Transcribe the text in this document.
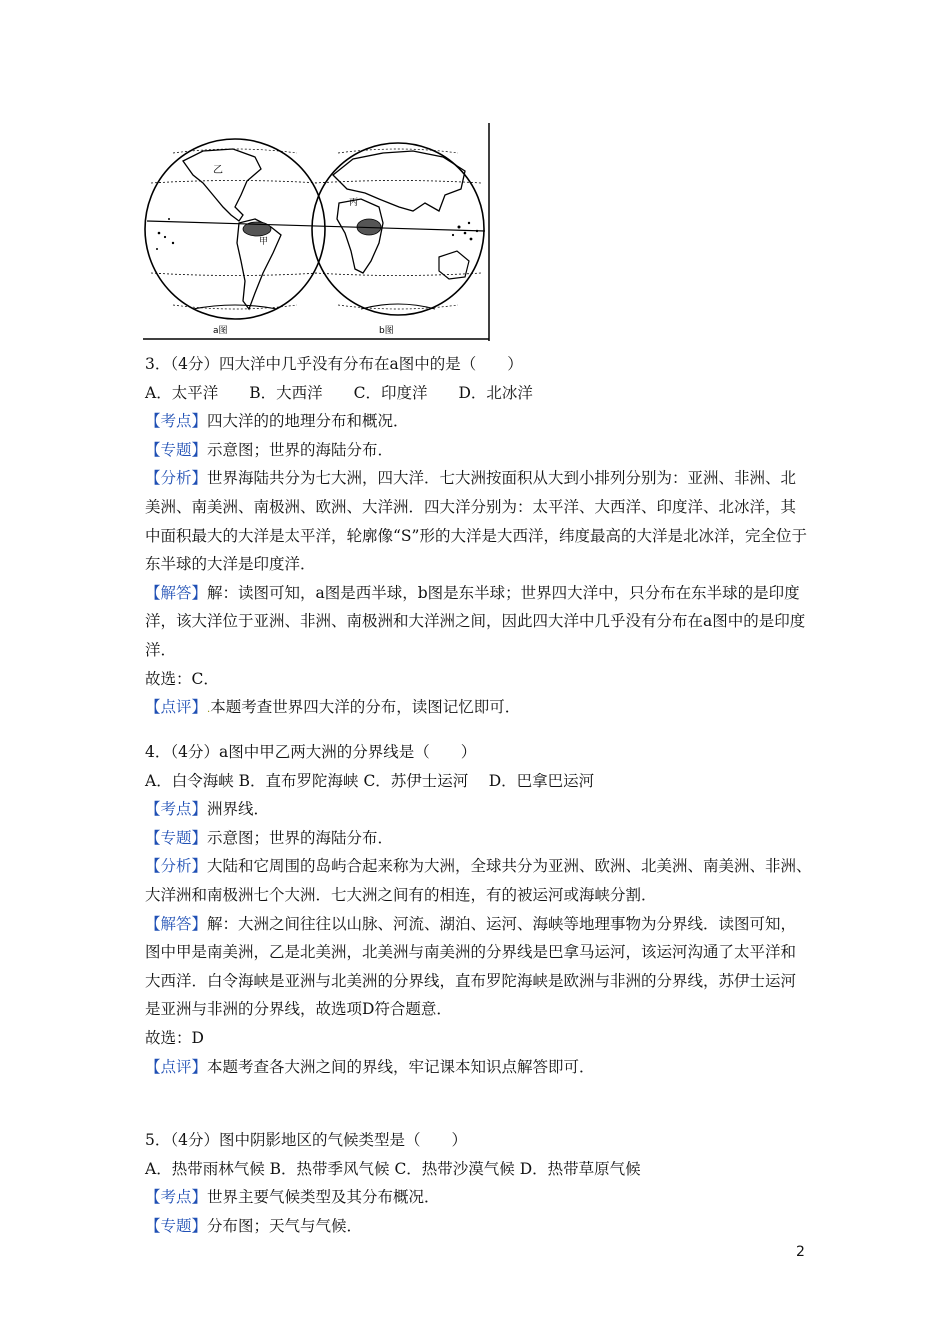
乙
甲
a图
丙
b图
3．（4分）四大洋中几乎没有分布在a图中的是（　　）
A．太平洋　　B．大西洋　　C．印度洋　　D．北冰洋
【考点】四大洋的的地理分布和概况．
【专题】示意图；世界的海陆分布．
【分析】世界海陆共分为七大洲，四大洋．七大洲按面积从大到小排列分别为：亚洲、非洲、北美洲、南美洲、南极洲、欧洲、大洋洲．四大洋分别为：太平洋、大西洋、印度洋、北冰洋，其中面积最大的大洋是太平洋，轮廓像“S”形的大洋是大西洋，纬度最高的大洋是北冰洋，完全位于东半球的大洋是印度洋．
【解答】解：读图可知，a图是西半球，b图是东半球；世界四大洋中，只分布在东半球的是印度洋，该大洋位于亚洲、非洲、南极洲和大洋洲之间，因此四大洋中几乎没有分布在a图中的是印度洋．
故选：C．
【点评】.本题考查世界四大洋的分布，读图记忆即可．
4．（4分）a图中甲乙两大洲的分界线是（　　）
A．白令海峡 B．直布罗陀海峡 C．苏伊士运河　 D．巴拿巴运河
【考点】洲界线．
【专题】示意图；世界的海陆分布．
【分析】大陆和它周围的岛屿合起来称为大洲，全球共分为亚洲、欧洲、北美洲、南美洲、非洲、大洋洲和南极洲七个大洲．七大洲之间有的相连，有的被运河或海峡分割．
【解答】解：大洲之间往往以山脉、河流、湖泊、运河、海峡等地理事物为分界线．读图可知，图中甲是南美洲，乙是北美洲，北美洲与南美洲的分界线是巴拿马运河，该运河沟通了太平洋和大西洋．白令海峡是亚洲与北美洲的分界线，直布罗陀海峡是欧洲与非洲的分界线，苏伊士运河是亚洲与非洲的分界线，故选项D符合题意．
故选：D
【点评】本题考查各大洲之间的界线，牢记课本知识点解答即可．
5．（4分）图中阴影地区的气候类型是（　　）
A．热带雨林气候 B．热带季风气候 C．热带沙漠气候 D．热带草原气候
【考点】世界主要气候类型及其分布概况．
【专题】分布图；天气与气候．
2
